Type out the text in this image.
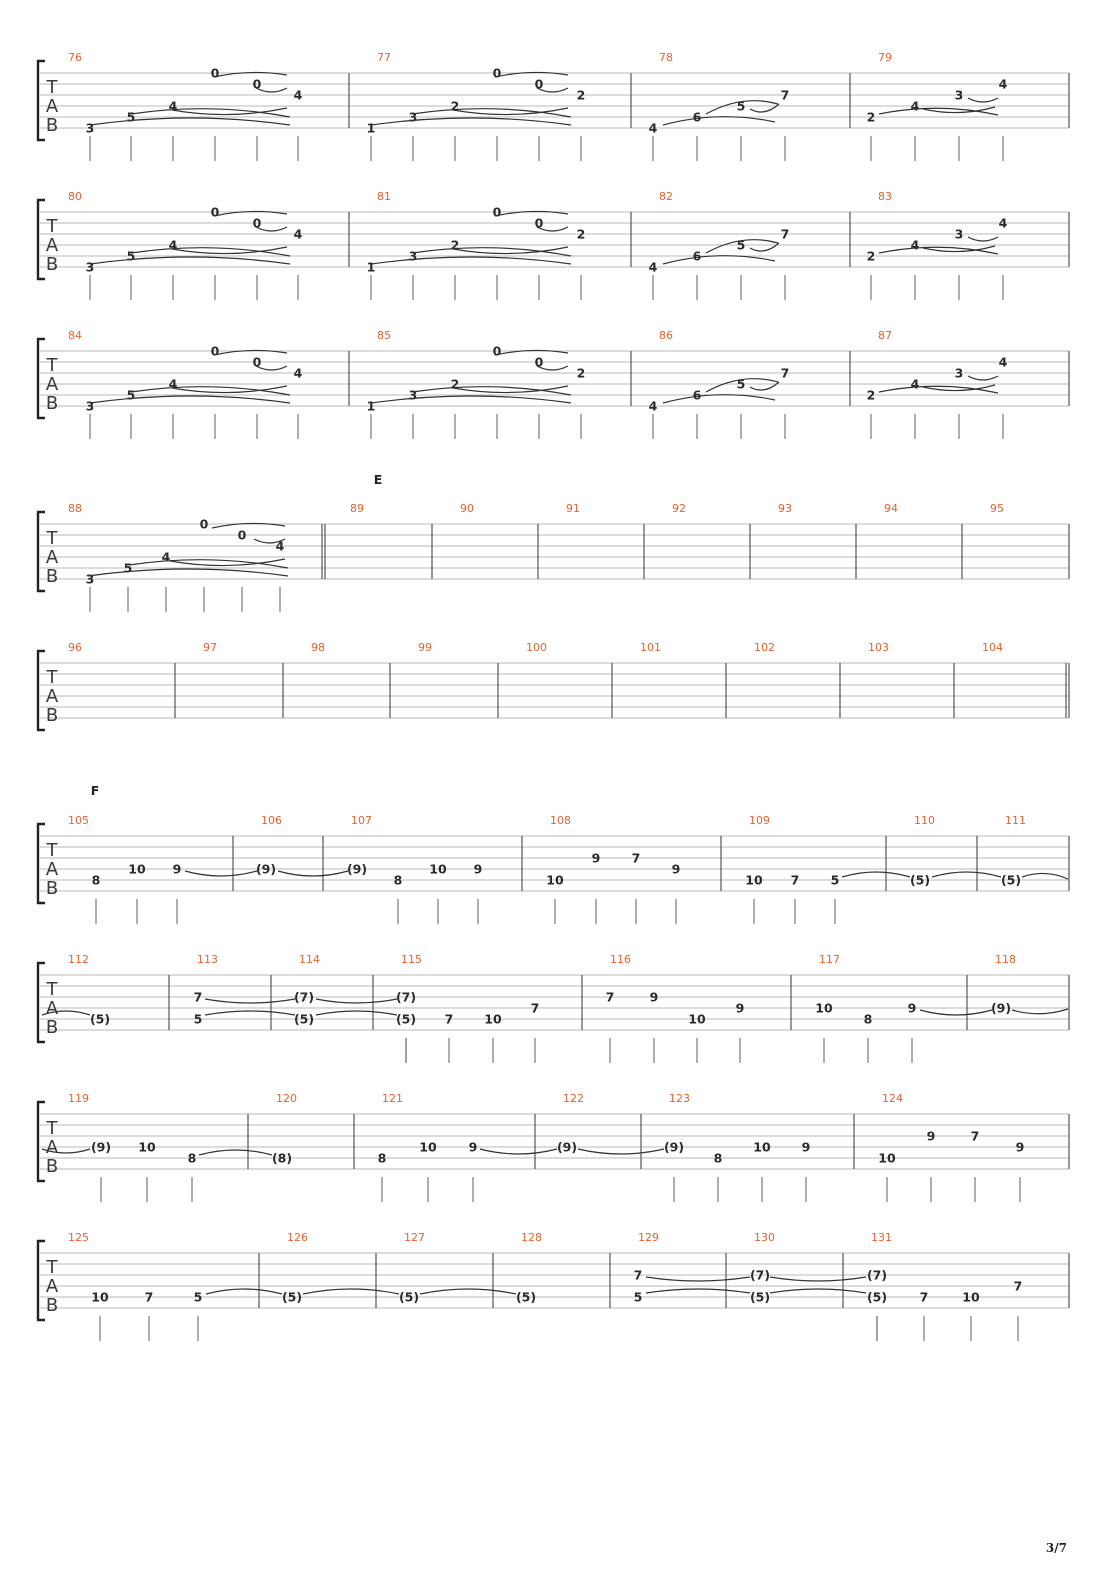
3/7
T
A
B
76
3
5
4
0
0
4
77
1
3
2
0
0
2
78
4
6
5
7
79
2
4
3
4
T
A
B
80
3
5
4
0
0
4
81
1
3
2
0
0
2
82
4
6
5
7
83
2
4
3
4
T
A
B
84
3
5
4
0
0
4
85
1
3
2
0
0
2
86
4
6
5
7
87
2
4
3
4
T
A
B
E
88
3
5
4
0
0
4
89	90	91	92	93	94	95
T
A
B
96	97	98	99	100	101	102	103	104
T
A
B
F
105
8
10 9
106
(9)
107
(9)
8
10 9
108
10
9	7
9
109
10 7	5
110
(5)
111
(5)
T
A
B
112
(5)
113
7
5
114
(7)
(5)
115
(7)
(5) 7 10
7
116
7	9
10
9
117
10
8
9
118
(9)
T
A
B
119
(9) 10
8
120
(8)
121
8
10	9
122
(9)
123
(9)
8
10 9
124
10
9	7
9
T
A
B
125
10	7	5
126
(5)
127
(5)
128
(5)
129
7
5
130
(7)
(5)
131
(7)
(5)	7	10
7
